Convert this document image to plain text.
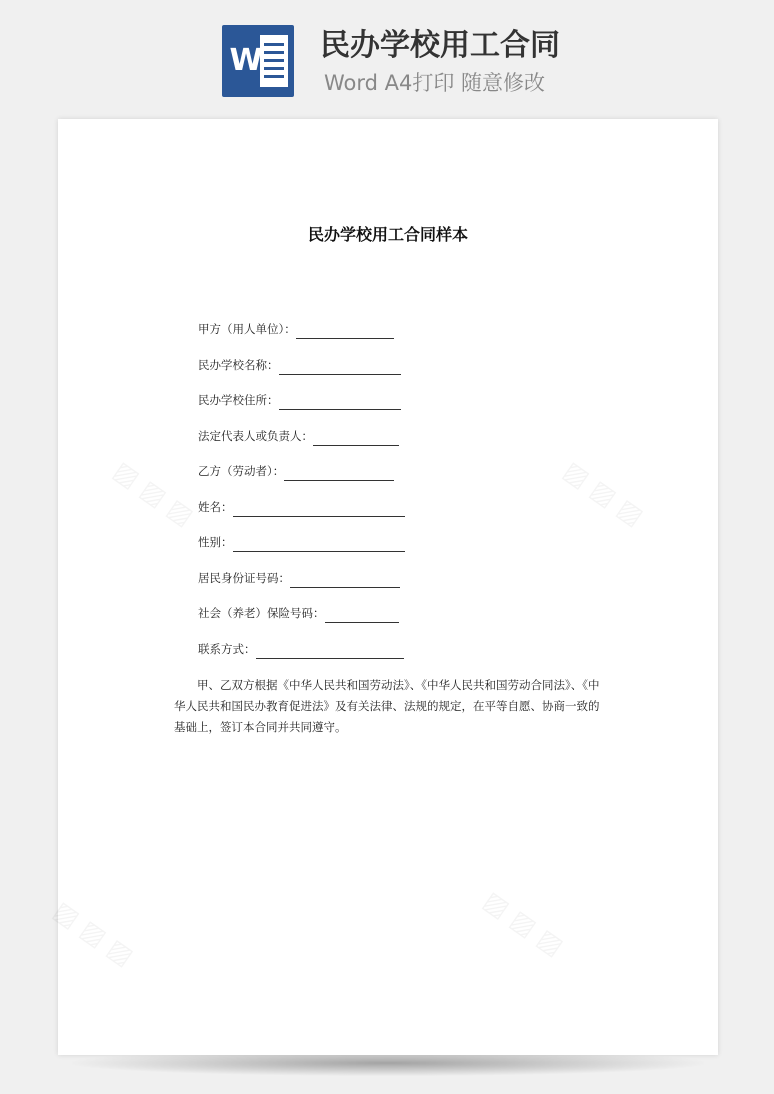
W 民办学校用工合同
Word A4打印 随意修改
民办学校用工合同样本
甲方（用人单位）：
民办学校名称：
民办学校住所：
法定代表人或负责人：
乙方（劳动者）：
姓名：
性别：
居民身份证号码：
社会（养老）保险号码：
联系方式：

甲、乙双方根据《中华人民共和国劳动法》、《中华人民共和国劳动合同法》、《中华人民共和国民办教育促进法》及有关法律、法规的规定，在平等自愿、协商一致的基础上，签订本合同并共同遵守。
